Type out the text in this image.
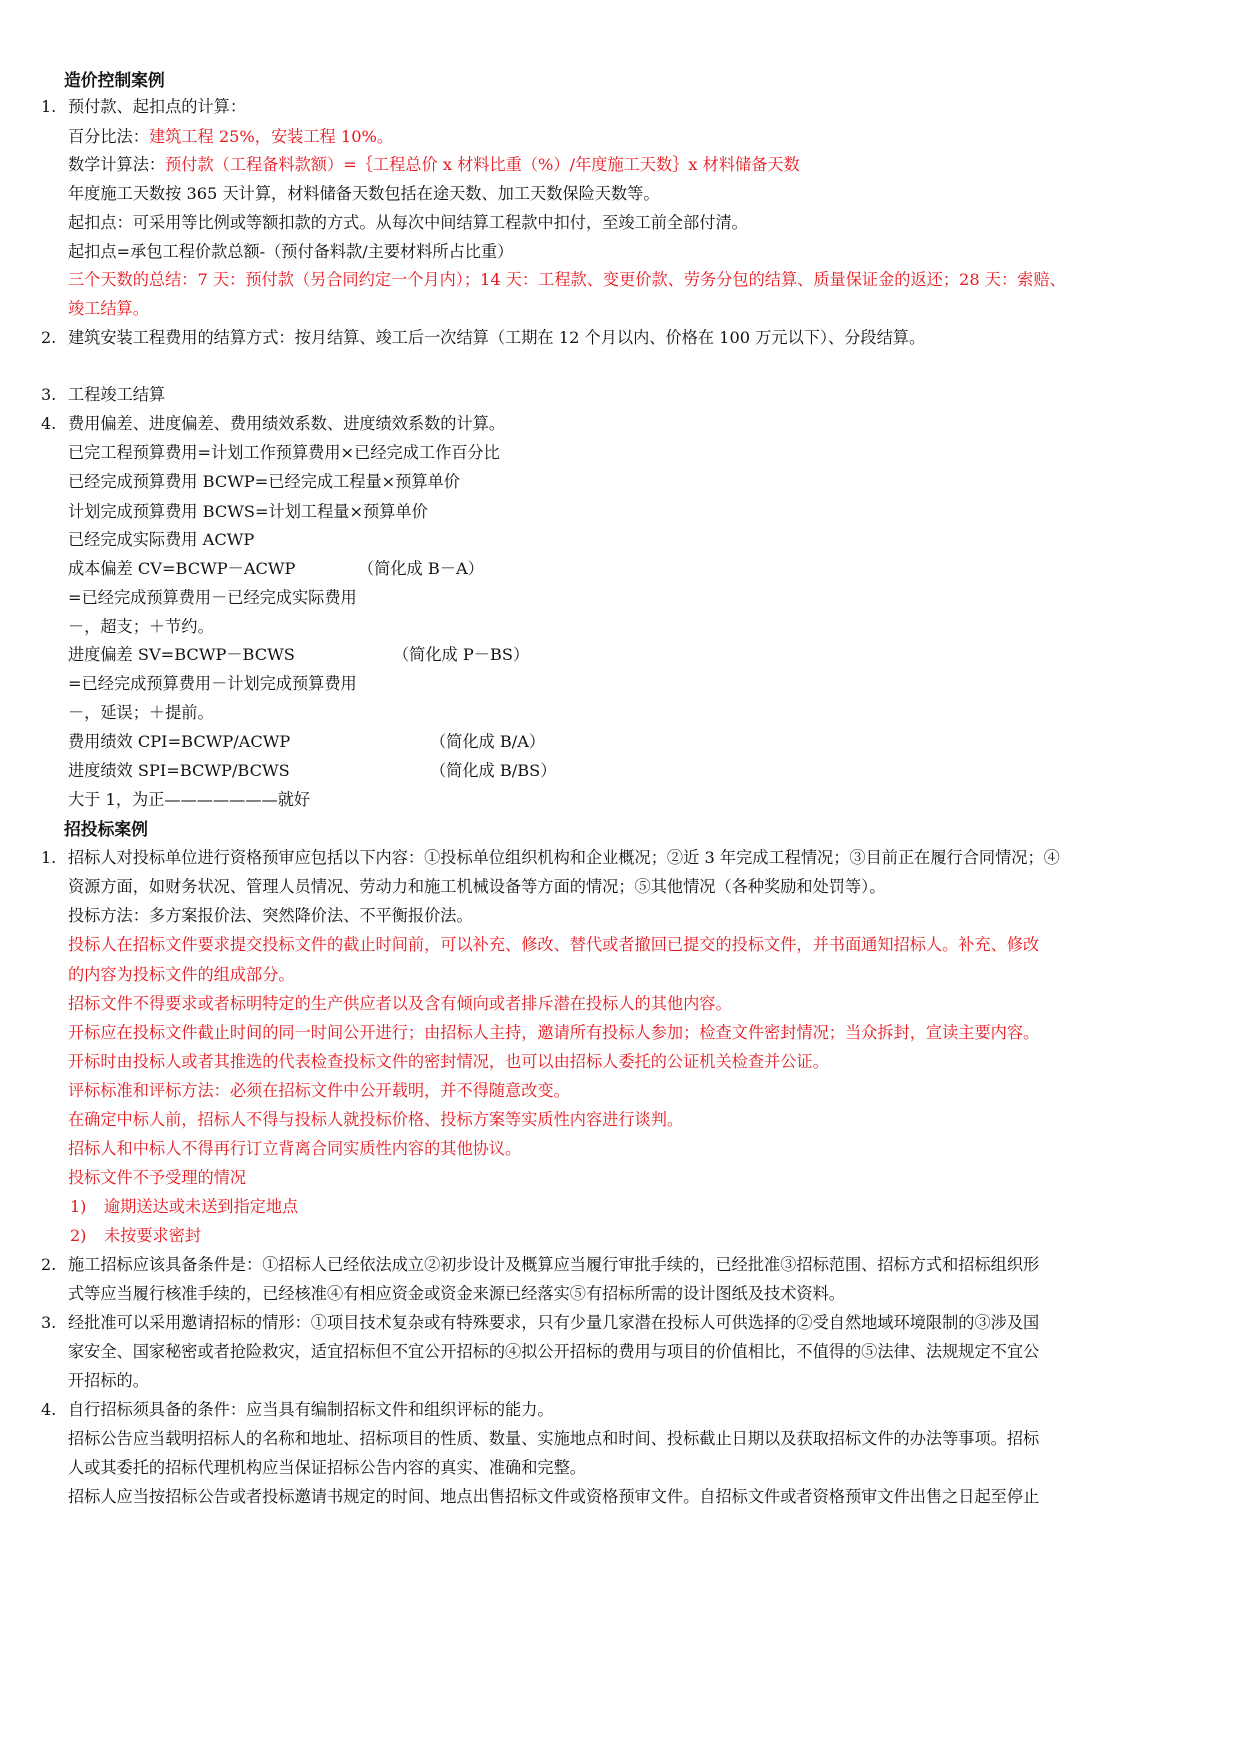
造价控制案例
1. 预付款、起扣点的计算：
百分比法：建筑工程 25%，安装工程 10%。
数学计算法：预付款（工程备料款额）=｛工程总价 x 材料比重（%）/年度施工天数｝x 材料储备天数
年度施工天数按 365 天计算，材料储备天数包括在途天数、加工天数保险天数等。
起扣点：可采用等比例或等额扣款的方式。从每次中间结算工程款中扣付，至竣工前全部付清。
起扣点=承包工程价款总额-（预付备料款/主要材料所占比重）
三个天数的总结：7 天：预付款（另合同约定一个月内）；14 天：工程款、变更价款、劳务分包的结算、质量保证金的返还；28 天：索赔、
竣工结算。
2. 建筑安装工程费用的结算方式：按月结算、竣工后一次结算（工期在 12 个月以内、价格在 100 万元以下）、分段结算。
3. 工程竣工结算
4. 费用偏差、进度偏差、费用绩效系数、进度绩效系数的计算。
已完工程预算费用=计划工作预算费用×已经完成工作百分比
已经完成预算费用 BCWP=已经完成工程量×预算单价
计划完成预算费用 BCWS=计划工程量×预算单价
已经完成实际费用 ACWP
成本偏差 CV=BCWP－ACWP	（简化成 B－A）
=已经完成预算费用－已经完成实际费用
－，超支；＋节约。
进度偏差 SV=BCWP－BCWS	（简化成 P－BS）
=已经完成预算费用－计划完成预算费用
－，延误；＋提前。
费用绩效 CPI=BCWP/ACWP	（简化成 B/A）
进度绩效 SPI=BCWP/BCWS	（简化成 B/BS）
大于 1，为正———————就好
招投标案例
1. 招标人对投标单位进行资格预审应包括以下内容：①投标单位组织机构和企业概况；②近 3 年完成工程情况；③目前正在履行合同情况；④
资源方面，如财务状况、管理人员情况、劳动力和施工机械设备等方面的情况；⑤其他情况（各种奖励和处罚等）。
投标方法：多方案报价法、突然降价法、不平衡报价法。
投标人在招标文件要求提交投标文件的截止时间前，可以补充、修改、替代或者撤回已提交的投标文件，并书面通知招标人。补充、修改
的内容为投标文件的组成部分。
招标文件不得要求或者标明特定的生产供应者以及含有倾向或者排斥潜在投标人的其他内容。
开标应在投标文件截止时间的同一时间公开进行；由招标人主持，邀请所有投标人参加；检查文件密封情况；当众拆封，宣读主要内容。
开标时由投标人或者其推选的代表检查投标文件的密封情况，也可以由招标人委托的公证机关检查并公证。
评标标准和评标方法：必须在招标文件中公开载明，并不得随意改变。
在确定中标人前，招标人不得与投标人就投标价格、投标方案等实质性内容进行谈判。
招标人和中标人不得再行订立背离合同实质性内容的其他协议。
投标文件不予受理的情况
1) 逾期送达或未送到指定地点
2) 未按要求密封
2. 施工招标应该具备条件是：①招标人已经依法成立②初步设计及概算应当履行审批手续的，已经批准③招标范围、招标方式和招标组织形
式等应当履行核准手续的，已经核准④有相应资金或资金来源已经落实⑤有招标所需的设计图纸及技术资料。
3. 经批准可以采用邀请招标的情形：①项目技术复杂或有特殊要求，只有少量几家潜在投标人可供选择的②受自然地域环境限制的③涉及国
家安全、国家秘密或者抢险救灾，适宜招标但不宜公开招标的④拟公开招标的费用与项目的价值相比，不值得的⑤法律、法规规定不宜公
开招标的。
4. 自行招标须具备的条件：应当具有编制招标文件和组织评标的能力。
招标公告应当载明招标人的名称和地址、招标项目的性质、数量、实施地点和时间、投标截止日期以及获取招标文件的办法等事项。招标
人或其委托的招标代理机构应当保证招标公告内容的真实、准确和完整。
招标人应当按招标公告或者投标邀请书规定的时间、地点出售招标文件或资格预审文件。自招标文件或者资格预审文件出售之日起至停止
